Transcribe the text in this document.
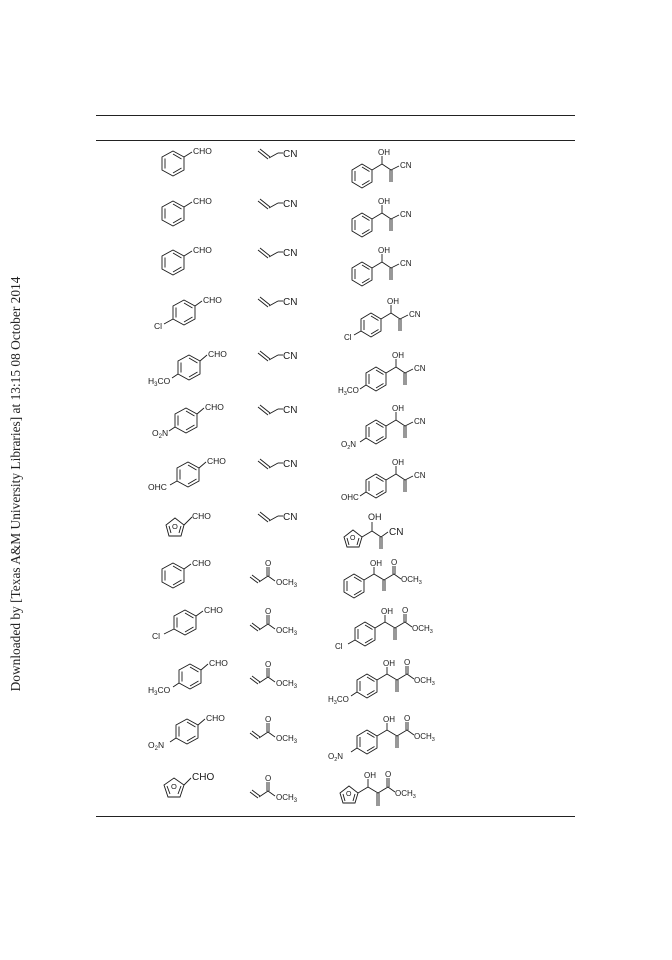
Downloaded by [Texas A&M University Libraries] at 13:15 08 October 2014
CHO
CHO
CHO
CHO
Cl
CHO
$H_3CO$
CHO
$O_2N$
CHO
OHC
O
CHO
CHO
CHO
Cl
CHO
$H_3CO$
CHO
$O_2N$
O
CHO
CN
CN
CN
CN
CN
CN
CN
CN
O
$OCH_3$
O
$OCH_3$
O
$OCH_3$
O
$OCH_3$
O
$OCH_3$
OH
CN
OH
CN
OH
CN
Cl
OH
CN
$H_3CO$
OH
CN
$O_2N$
OH
CN
OHC
OH
CN
O
OH
CN
OH O
$OCH_3$
Cl
OH O
$OCH_3$
$H_3CO$
OH O
$OCH_3$
$O_2N$
OH O
$OCH_3$
O
OH O
$OCH_3$
